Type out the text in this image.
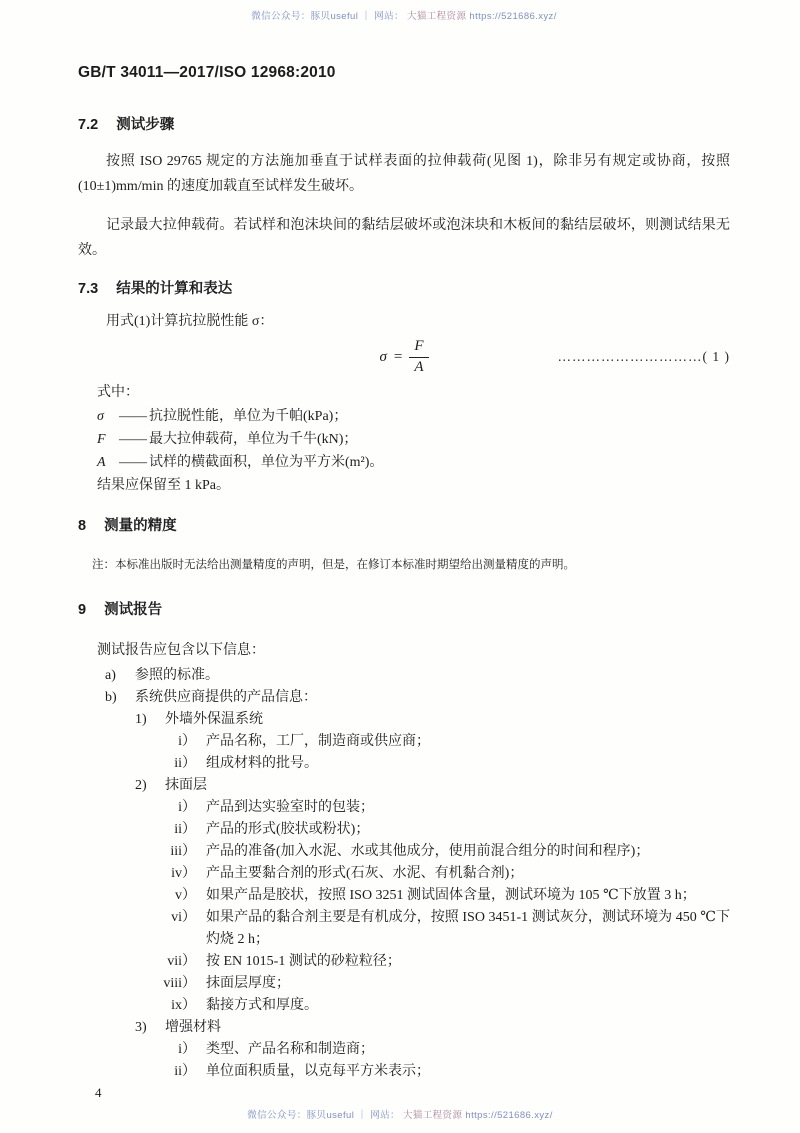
微信公众号：豚贝useful ｜ 网站： 大猫工程资源 https://521686.xyz/
GB/T 34011—2017/ISO 12968:2010
7.2 测试步骤

按照 ISO 29765 规定的方法施加垂直于试样表面的拉伸载荷(见图 1)，除非另有规定或协商，按照(10±1)mm/min 的速度加载直至试样发生破坏。

记录最大拉伸载荷。若试样和泡沫块间的黏结层破坏或泡沫块和木板间的黏结层破坏，则测试结果无效。

7.3 结果的计算和表达
用式(1)计算抗拉脱性能 σ：
$\sigma = \frac{F}{A}$	…………………………( 1 )
式中：
σ	—— 抗拉脱性能，单位为千帕(kPa)；
F —— 最大拉伸载荷，单位为千牛(kN)；
A —— 试样的横截面积，单位为平方米(m²)。
结果应保留至 1 kPa。
8 测量的精度
注：本标准出版时无法给出测量精度的声明，但是，在修订本标准时期望给出测量精度的声明。
9 测试报告
测试报告应包含以下信息：
a)	参照的标准。
b)	系统供应商提供的产品信息：
1)	外墙外保温系统
i） 产品名称，工厂，制造商或供应商；
ii） 组成材料的批号。
2)	抹面层
i） 产品到达实验室时的包装；
ii） 产品的形式(胶状或粉状)；
iii） 产品的准备(加入水泥、水或其他成分，使用前混合组分的时间和程序)；
iv） 产品主要黏合剂的形式(石灰、水泥、有机黏合剂)；
v） 如果产品是胶状，按照 ISO 3251 测试固体含量，测试环境为 105 ℃下放置 3 h；
vi） 如果产品的黏合剂主要是有机成分，按照 ISO 3451-1 测试灰分，测试环境为 450 ℃下灼烧 2 h；
vii） 按 EN 1015-1 测试的砂粒粒径；
viii） 抹面层厚度；
ix） 黏接方式和厚度。
3)	增强材料
i） 类型、产品名称和制造商；
ii） 单位面积质量，以克每平方米表示；
4
微信公众号：豚贝useful ｜ 网站： 大猫工程资源 https://521686.xyz/
